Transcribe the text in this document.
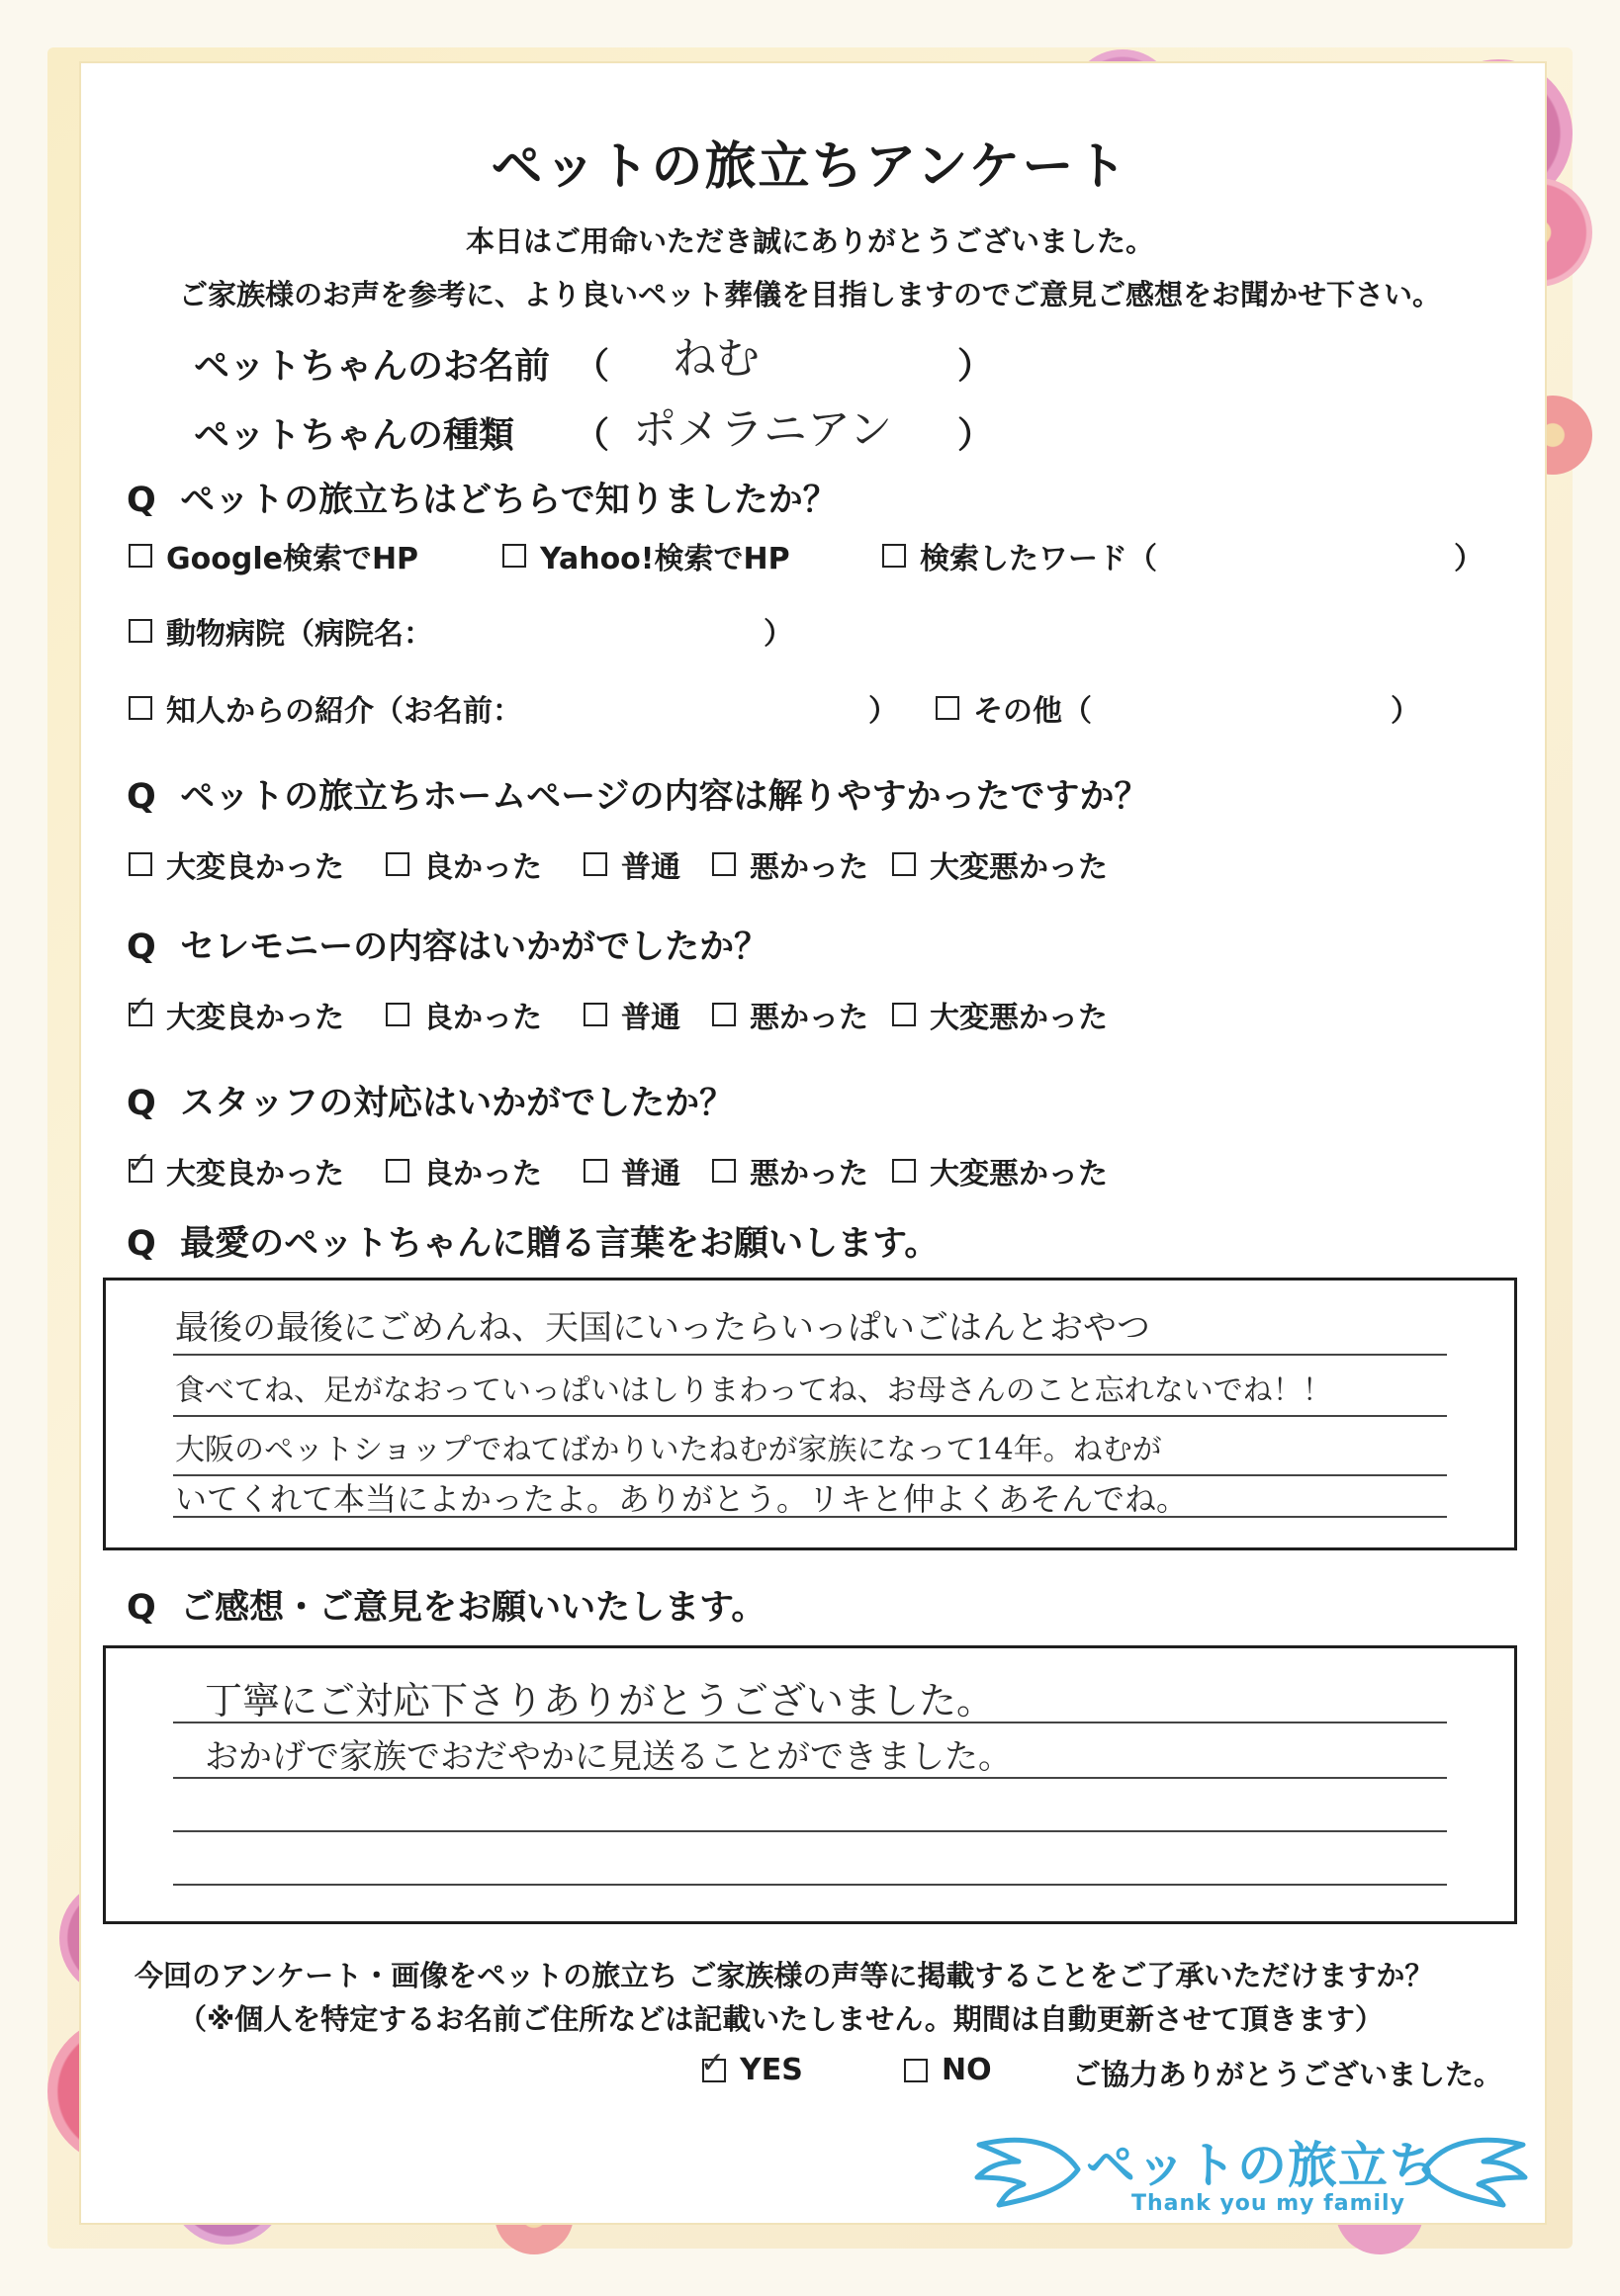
ペットの旅立ちアンケート
本日はご用命いただき誠にありがとうございました。
ご家族様のお声を参考に、より良いペット葬儀を目指しますのでご意見ご感想をお聞かせ下さい。
ペットちゃんのお名前 （ ねむ	）
ペットちゃんの種類 （ ポメラニアン ）
Q ペットの旅立ちはどちらで知りましたか？
Google検索でHP	Yahoo!検索でHP	検索したワード（	）
動物病院（病院名：	）
知人からの紹介（お名前：	）	その他（	）
Q ペットの旅立ちホームページの内容は解りやすかったですか？
大変良かった	良かった	普通 悪かった 大変悪かった
Q セレモニーの内容はいかがでしたか？
✓ 大変良かった	良かった	普通 悪かった 大変悪かった
Q スタッフの対応はいかがでしたか？
✓ 大変良かった	良かった	普通 悪かった 大変悪かった
Q 最愛のペットちゃんに贈る言葉をお願いします。
最後の最後にごめんね、天国にいったらいっぱいごはんとおやつ
食べてね、足がなおっていっぱいはしりまわってね、お母さんのこと忘れないでね！！
大阪のペットショップでねてばかりいたねむが家族になって14年。ねむが
いてくれて本当によかったよ。ありがとう。リキと仲よくあそんでね。
Q ご感想・ご意見をお願いいたします。
丁寧にご対応下さりありがとうございました。
おかげで家族でおだやかに見送ることができました。
今回のアンケート・画像をペットの旅立ち ご家族様の声等に掲載することをご了承いただけますか？
（※個人を特定するお名前ご住所などは記載いたしません。期間は自動更新させて頂きます）
✓ YES	NO	ご協力ありがとうございました。
ペットの旅立ち
Thank you my family
